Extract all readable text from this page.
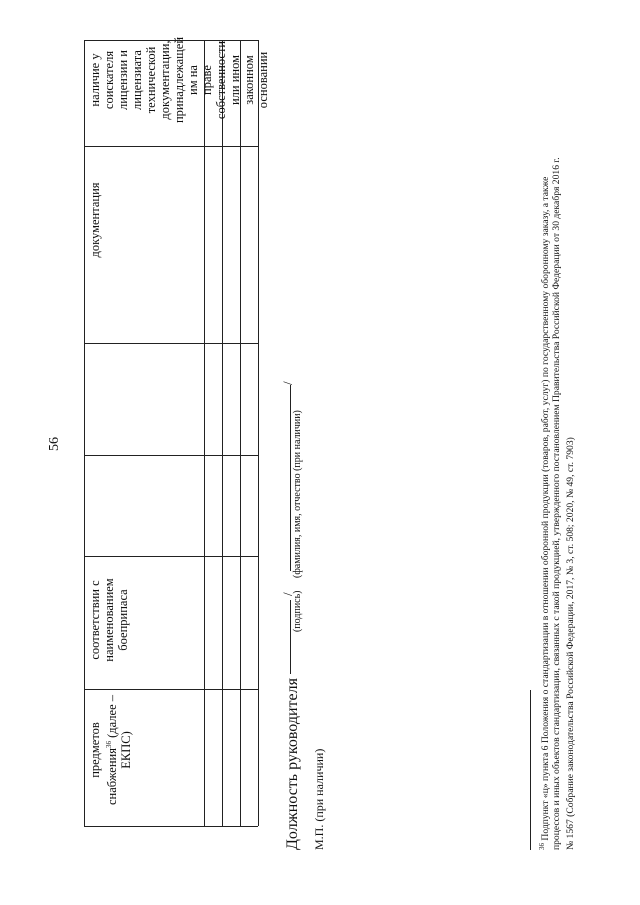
56
наличие у соискателя лицензии и лицензиата технической документации, принадлежащей им на праве собственности или ином законном основании
документация
соответствии с наименованием боеприпаса
предметов снабжения$^{36}$ (далее –
ЕКПС)	Должность руководителя М.П. (при наличии)
(подпись)
/
(фамилия, имя, отчество (при наличии)
/
$^{36}$ Подпункт «ц» пункта 6 Положения о стандартизации в отношении оборонной продукции (товаров, работ, услуг) по государственному оборонному заказу, а также процессов и иных объектов стандартизации, связанных с такой продукцией, утвержденного постановлением Правительства Российской Федерации от 30 декабря 2016 г. № 1567 (Собрание законодательства Российской Федерации, 2017, № 3, ст. 508; 2020, № 49, ст. 7903)
